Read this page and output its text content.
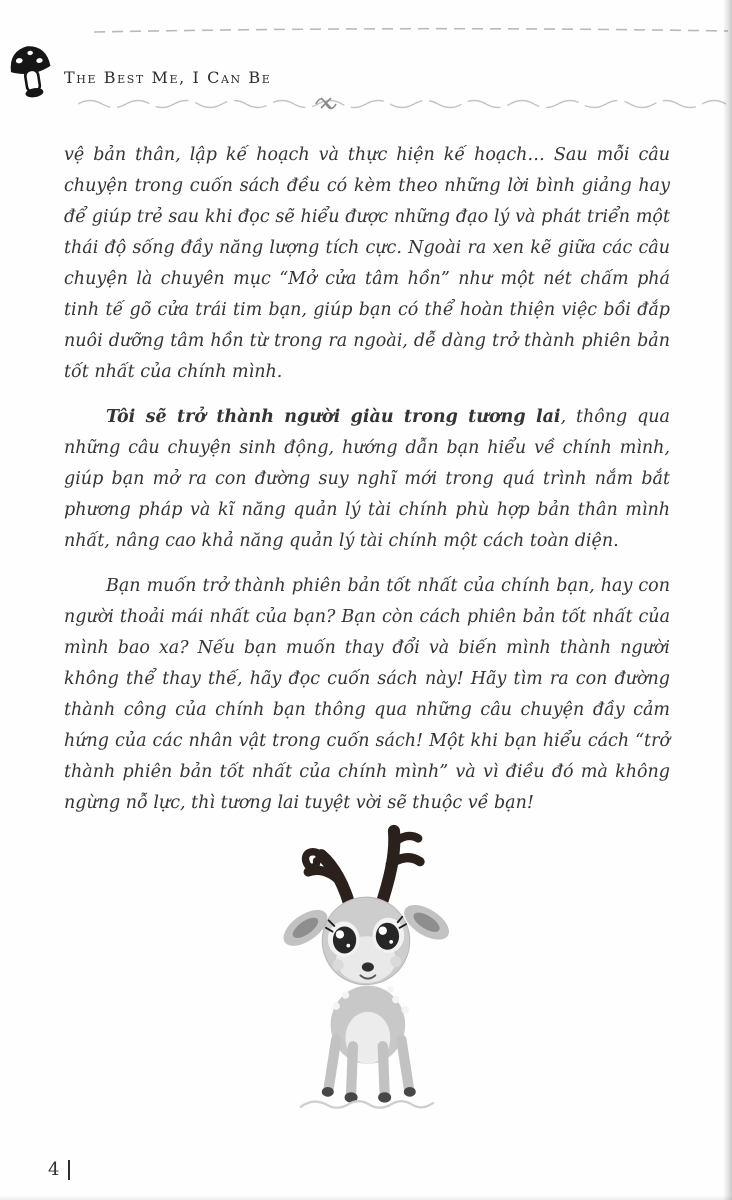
The Best Me, I Can Be

vệ bản thân, lập kế hoạch và thực hiện kế hoạch… Sau mỗi câu chuyện trong cuốn sách đều có kèm theo những lời bình giảng hay để giúp trẻ sau khi đọc sẽ hiểu được những đạo lý và phát triển một thái độ sống đầy năng lượng tích cực. Ngoài ra xen kẽ giữa các câu chuyện là chuyên mục “Mở cửa tâm hồn” như một nét chấm phá tinh tế gõ cửa trái tim bạn, giúp bạn có thể hoàn thiện việc bồi đắp nuôi dưỡng tâm hồn từ trong ra ngoài, dễ dàng trở thành phiên bản tốt nhất của chính mình.

Tôi sẽ trở thành người giàu trong tương lai, thông qua những câu chuyện sinh động, hướng dẫn bạn hiểu về chính mình, giúp bạn mở ra con đường suy nghĩ mới trong quá trình nắm bắt phương pháp và kĩ năng quản lý tài chính phù hợp bản thân mình nhất, nâng cao khả năng quản lý tài chính một cách toàn diện.

Bạn muốn trở thành phiên bản tốt nhất của chính bạn, hay con người thoải mái nhất của bạn? Bạn còn cách phiên bản tốt nhất của mình bao xa? Nếu bạn muốn thay đổi và biến mình thành người không thể thay thế, hãy đọc cuốn sách này! Hãy tìm ra con đường thành công của chính bạn thông qua những câu chuyện đầy cảm hứng của các nhân vật trong cuốn sách! Một khi bạn hiểu cách “trở thành phiên bản tốt nhất của chính mình” và vì điều đó mà không ngừng nỗ lực, thì tương lai tuyệt vời sẽ thuộc về bạn!

4
